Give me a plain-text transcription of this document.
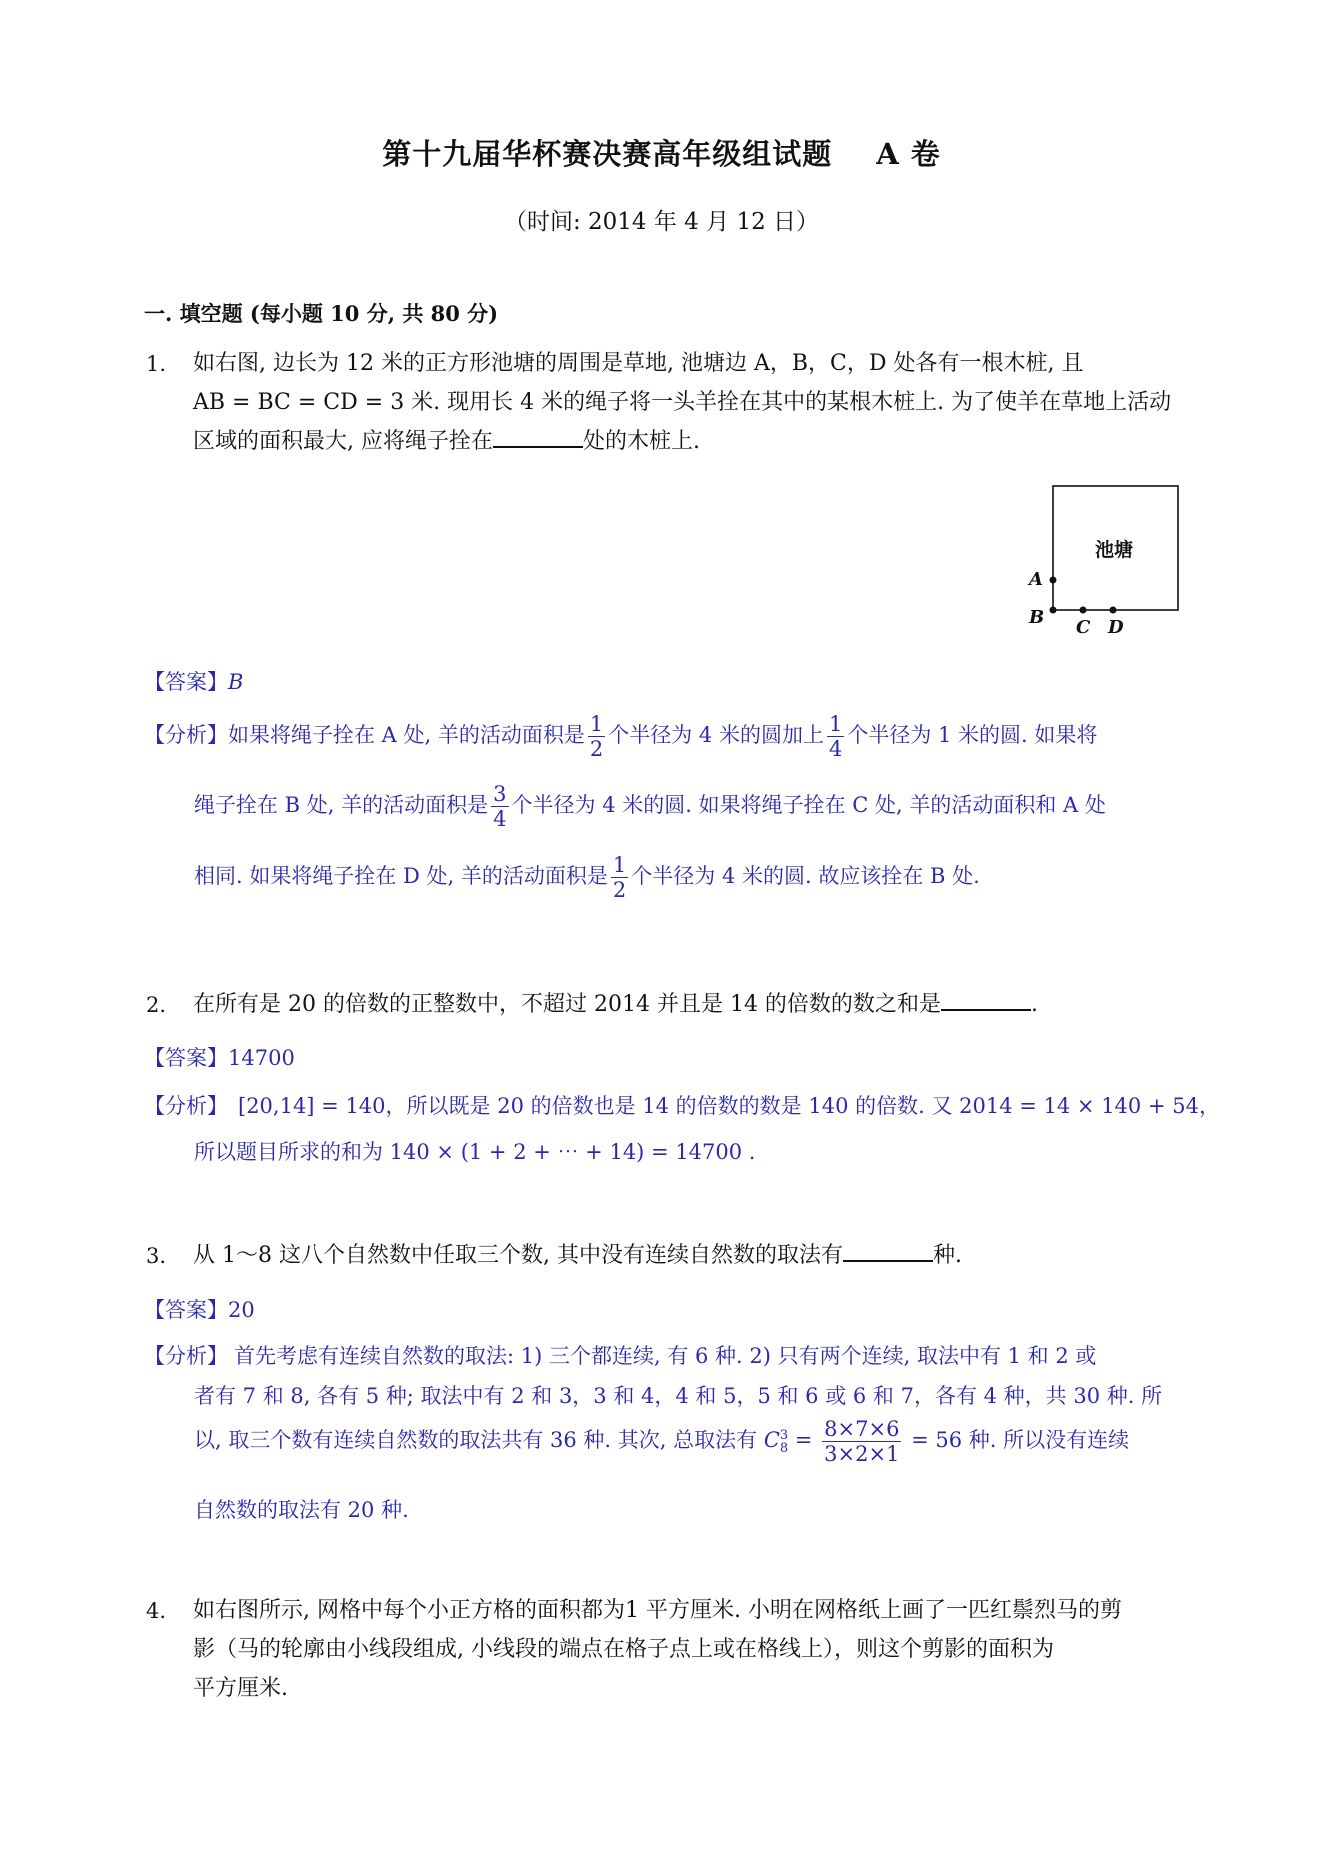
第十九届华杯赛决赛高年级组试题 A 卷
（时间: 2014 年 4 月 12 日）
一. 填空题 (每小题 10 分, 共 80 分)
1.	如右图, 边长为 12 米的正方形池塘的周围是草地, 池塘边 A，B，C，D 处各有一根木桩, 且
AB = BC = CD = 3 米. 现用长 4 米的绳子将一头羊拴在其中的某根木桩上. 为了使羊在草地上活动
区域的面积最大, 应将绳子拴在	处的木桩上.
池塘
A
B C D
【答案】B
【分析】如果将绳子拴在 A 处, 羊的活动面积是 $\frac{1}{2}$ 个半径为 4 米的圆加上 $\frac{1}{4}$ 个半径为 1 米的圆. 如果将
绳子拴在 B 处, 羊的活动面积是 $\frac{3}{4}$ 个半径为 4 米的圆. 如果将绳子拴在 C 处, 羊的活动面积和 A 处
相同. 如果将绳子拴在 D 处, 羊的活动面积是 $\frac{1}{2}$ 个半径为 4 米的圆. 故应该拴在 B 处.
2.	在所有是 20 的倍数的正整数中，不超过 2014 并且是 14 的倍数的数之和是	.
【答案】14700
【分析】 [20,14] = 140，所以既是 20 的倍数也是 14 的倍数的数是 140 的倍数. 又 2014 = 14 × 140 + 54，
所以题目所求的和为 140 × (1 + 2 + ⋯ + 14) = 14700 .
3.	从 1～8 这八个自然数中任取三个数, 其中没有连续自然数的取法有	种.
【答案】20
【分析】 首先考虑有连续自然数的取法: 1) 三个都连续, 有 6 种. 2) 只有两个连续, 取法中有 1 和 2 或
者有 7 和 8, 各有 5 种; 取法中有 2 和 3，3 和 4，4 和 5，5 和 6 或 6 和 7，各有 4 种，共 30 种. 所
以, 取三个数有连续自然数的取法共有 36 种. 其次, 总取法有 C 3
$8 = \frac{8\times 7\times 6}{3\times 2\times 1} = 56$ 种. 所以没有连续
自然数的取法有 20 种.
4.	如右图所示, 网格中每个小正方格的面积都为1 平方厘米. 小明在网格纸上画了一匹红鬃烈马的剪
影（马的轮廓由小线段组成, 小线段的端点在格子点上或在格线上），则这个剪影的面积为
平方厘米.
